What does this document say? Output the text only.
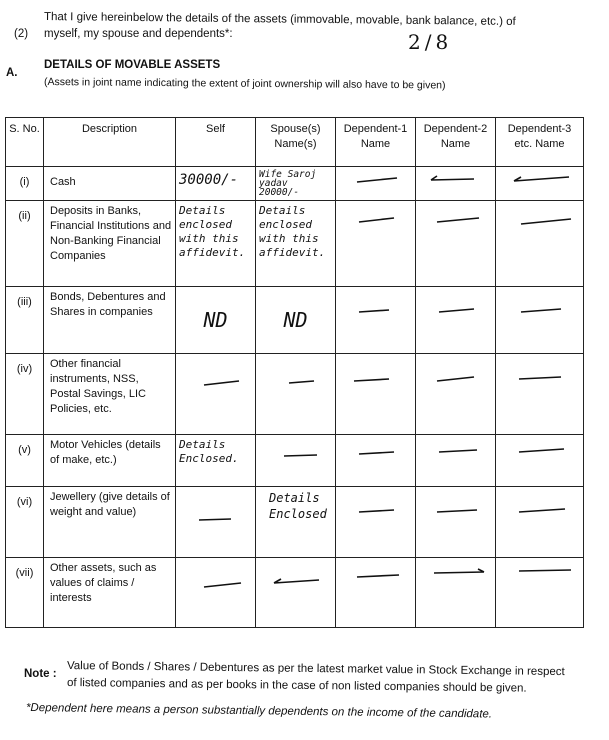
(2)
That I give hereinbelow the details of the assets (immovable, movable, bank balance, etc.) of
myself, my spouse and dependents*:	2/8
A.
DETAILS OF MOVABLE ASSETS
(Assets in joint name indicating the extent of joint ownership will also have to be given)
S. No.	Description	Self	Spouse(s) Name(s)	Dependent-1 Name	Dependent-2 Name	Dependent-3 etc. Name
(i)	Cash	30000/-	Wife Saroj yadav 20000/-

(ii)	Deposits in Banks, Financial Institutions and Non-Banking Financial Companies	Details enclosed with this affidevit.	Details enclosed with this affidevit.

(iii)	Bonds, Debentures and Shares in companies	ND	ND

(iv)	Other financial instruments, NSS, Postal Savings, LIC Policies, etc.					
(v)	Motor Vehicles (details of make, etc.)	Details Enclosed.

(vi)	Jewellery (give details of weight and value)		Details Enclosed

(vii)	Other assets, such as values of claims / interests					
Note : Value of Bonds / Shares / Debentures as per the latest market value in Stock Exchange in respect
of listed companies and as per books in the case of non listed companies should be given.
*Dependent here means a person substantially dependents on the income of the candidate.
